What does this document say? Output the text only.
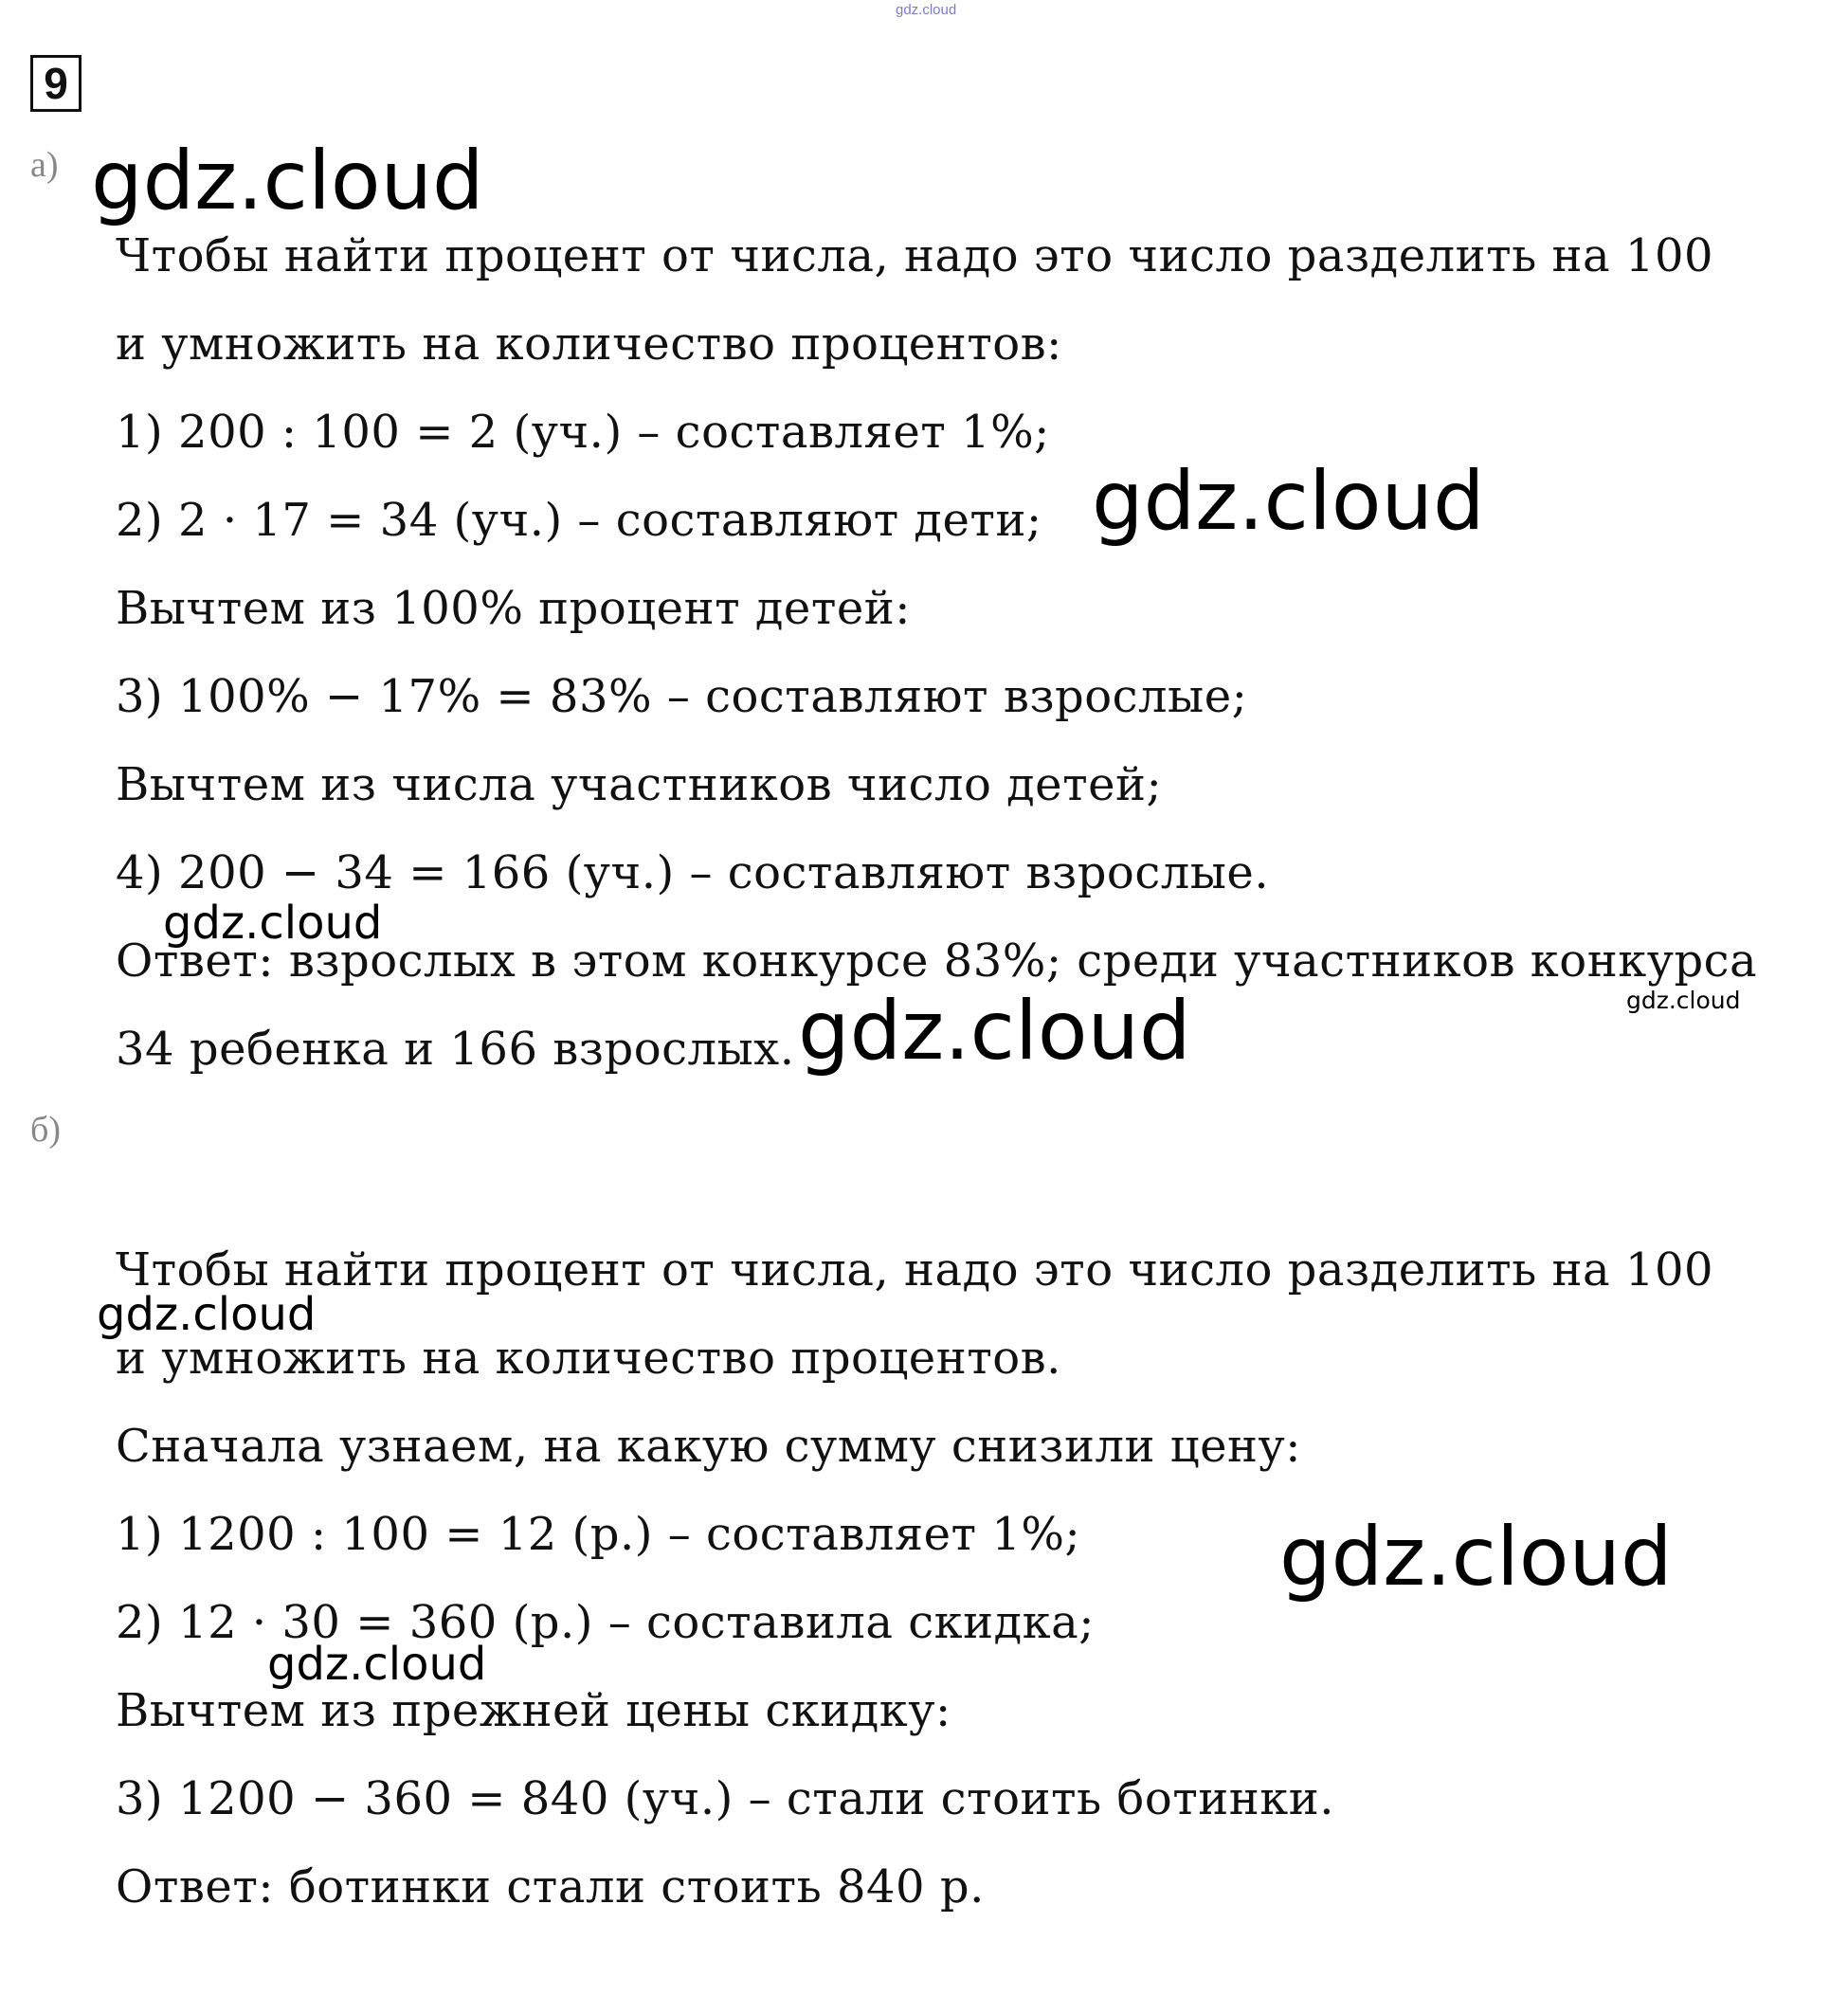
gdz.cloud
9
а)
Чтобы найти процент от числа, надо это число разделить на 100
и умножить на количество процентов:
1) 200 : 100 = 2 (уч.) – составляет 1%;
2) 2 · 17 = 34 (уч.) – составляют дети;
Вычтем из 100% процент детей:
3) 100% − 17% = 83% – составляют взрослые;
Вычтем из числа участников число детей;
4) 200 − 34 = 166 (уч.) – составляют взрослые.
Ответ: взрослых в этом конкурсе 83%; среди участников конкурса
34 ребенка и 166 взрослых.
б)
Чтобы найти процент от числа, надо это число разделить на 100
и умножить на количество процентов.
Сначала узнаем, на какую сумму снизили цену:
1) 1200 : 100 = 12 (р.) – составляет 1%;
2) 12 · 30 = 360 (р.) – составила скидка;
Вычтем из прежней цены скидку:
3) 1200 − 360 = 840 (уч.) – стали стоить ботинки.
Ответ: ботинки стали стоить 840 р.
gdz.cloud
gdz.cloud
gdz.cloud
gdz.cloud
gdz.cloud
gdz.cloud
gdz.cloud
gdz.cloud
